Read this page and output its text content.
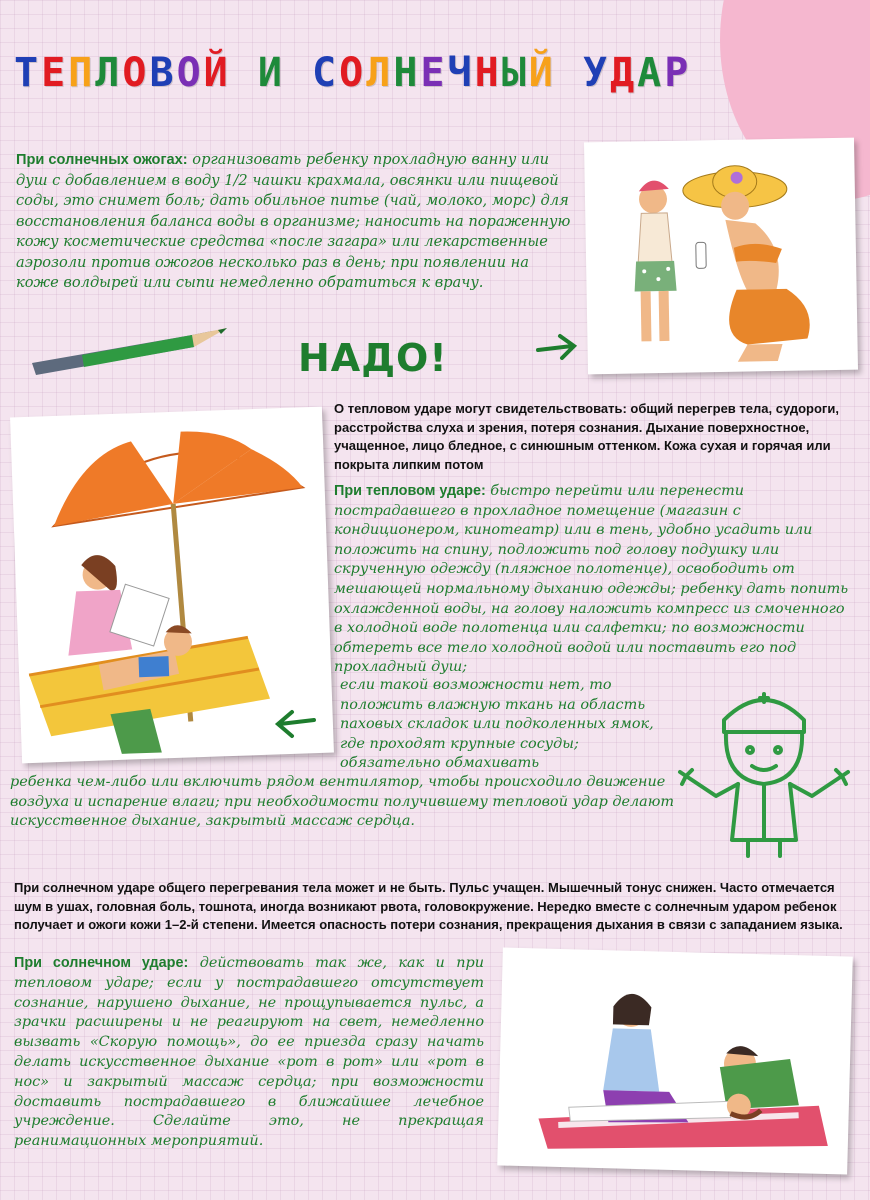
ТЕПЛОВОЙ И СОЛНЕЧНЫЙ УДАР

При солнечных ожогах: организовать ребенку прохладную ванну или душ с добавлением в воду 1/2 чашки крахмала, овсянки или пищевой соды, это снимет боль; дать обильное питье (чай, молоко, морс) для восстановления баланса воды в организме; наносить на пораженную кожу косметические средства «после загара» или лекарственные аэрозоли против ожогов несколько раз в день; при появлении на коже волдырей или сыпи немедленно обратиться к врачу.

НАДО!

О тепловом ударе могут свидетельствовать: общий перегрев тела, судороги, расстройства слуха и зрения, потеря сознания. Дыхание поверхностное, учащенное, лицо бледное, с синюшным оттенком. Кожа сухая и горячая или покрыта липким потом

При тепловом ударе: быстро перейти или перенести пострадавшего в прохладное помещение (магазин с кондиционером, кинотеатр) или в тень, удобно усадить или положить на спину, подложить под голову подушку или скрученную одежду (пляжное полотенце), освободить от мешающей нормальному дыханию одежды; ребенку дать попить охлажденной воды, на голову наложить компресс из смоченного в холодной воде полотенца или салфетки; по возможности обтереть все тело холодной водой или поставить его под прохладный душ;

если такой возможности нет, то положить влажную ткань на область паховых складок или подколенных ямок, где проходят крупные сосуды; обязательно обмахивать

ребенка чем-либо или включить рядом вентилятор, чтобы происходило движение воздуха и испарение влаги; при необходимости получившему тепловой удар делают искусственное дыхание, закрытый массаж сердца.

При солнечном ударе общего перегревания тела может и не быть. Пульс учащен. Мышечный тонус снижен. Часто отмечается шум в ушах, головная боль, тошнота, иногда возникают рвота, головокружение. Нередко вместе с солнечным ударом ребенок получает и ожоги кожи 1–2-й степени. Имеется опасность потери сознания, прекращения дыхания в связи с западанием языка.

При солнечном ударе: действовать так же, как и при тепловом ударе; если у пострадавшего отсутствует сознание, нарушено дыхание, не прощупывается пульс, а зрачки расширены и не реагируют на свет, немедленно вызвать «Скорую помощь», до ее приезда сразу начать делать искусственное дыхание «рот в рот» или «рот в нос» и закрытый массаж сердца; при возможности доставить пострадавшего в ближайшее лечебное учреждение. Сделайте это, не прекращая реанимационных мероприятий.
